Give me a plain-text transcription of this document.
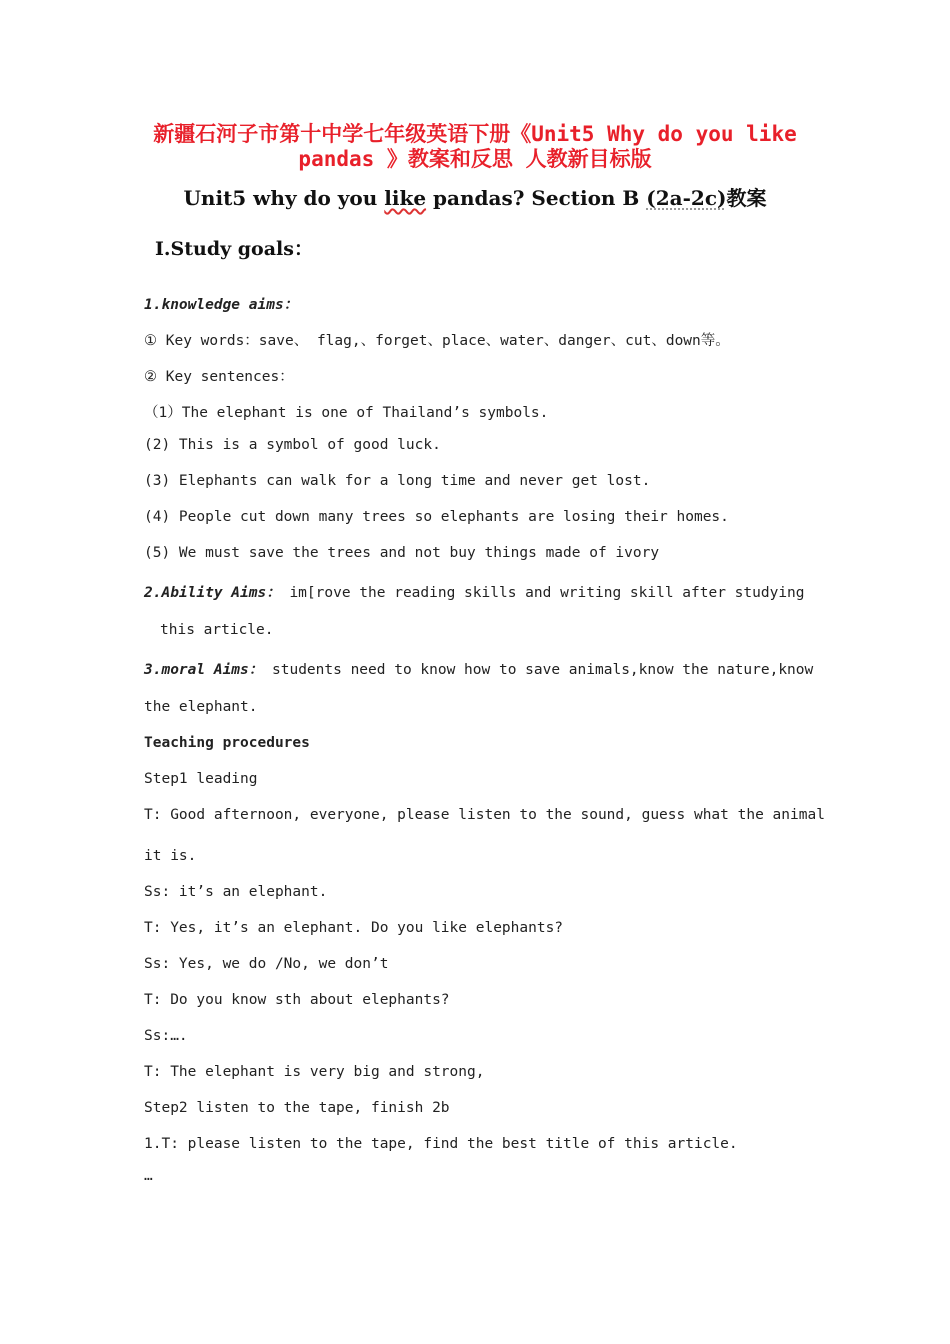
新疆石河子市第十中学七年级英语下册《Unit5 Why do you like
pandas 》教案和反思 人教新目标版
Unit5 why do you like pandas? Section B (2a-2c)教案
Ⅰ.Study goals：
1.knowledge aims：
① Key words：save、 flag,、forget、place、water、danger、cut、down等。
② Key sentences：
（1）The elephant is one of Thailand’s symbols.
(2) This is a symbol of good luck.
(3) Elephants can walk for a long time and never get lost.
(4) People cut down many trees so elephants are losing their homes.
(5) We must save the trees and not buy things made of ivory
2.Ability Aims： im[rove the reading skills and writing skill after studying
this article.
3.moral Aims： students need to know how to save animals,know the nature,know
the elephant.
Teaching procedures
Step1 leading
T: Good afternoon, everyone, please listen to the sound, guess what the animal
it is.
Ss: it’s an elephant.
T: Yes, it’s an elephant. Do you like elephants?
Ss: Yes, we do /No, we don’t
T: Do you know sth about elephants?
Ss:….
T: The elephant is very big and strong,
Step2 listen to the tape, finish 2b
1.T: please listen to the tape, find the best title of this article.
…
